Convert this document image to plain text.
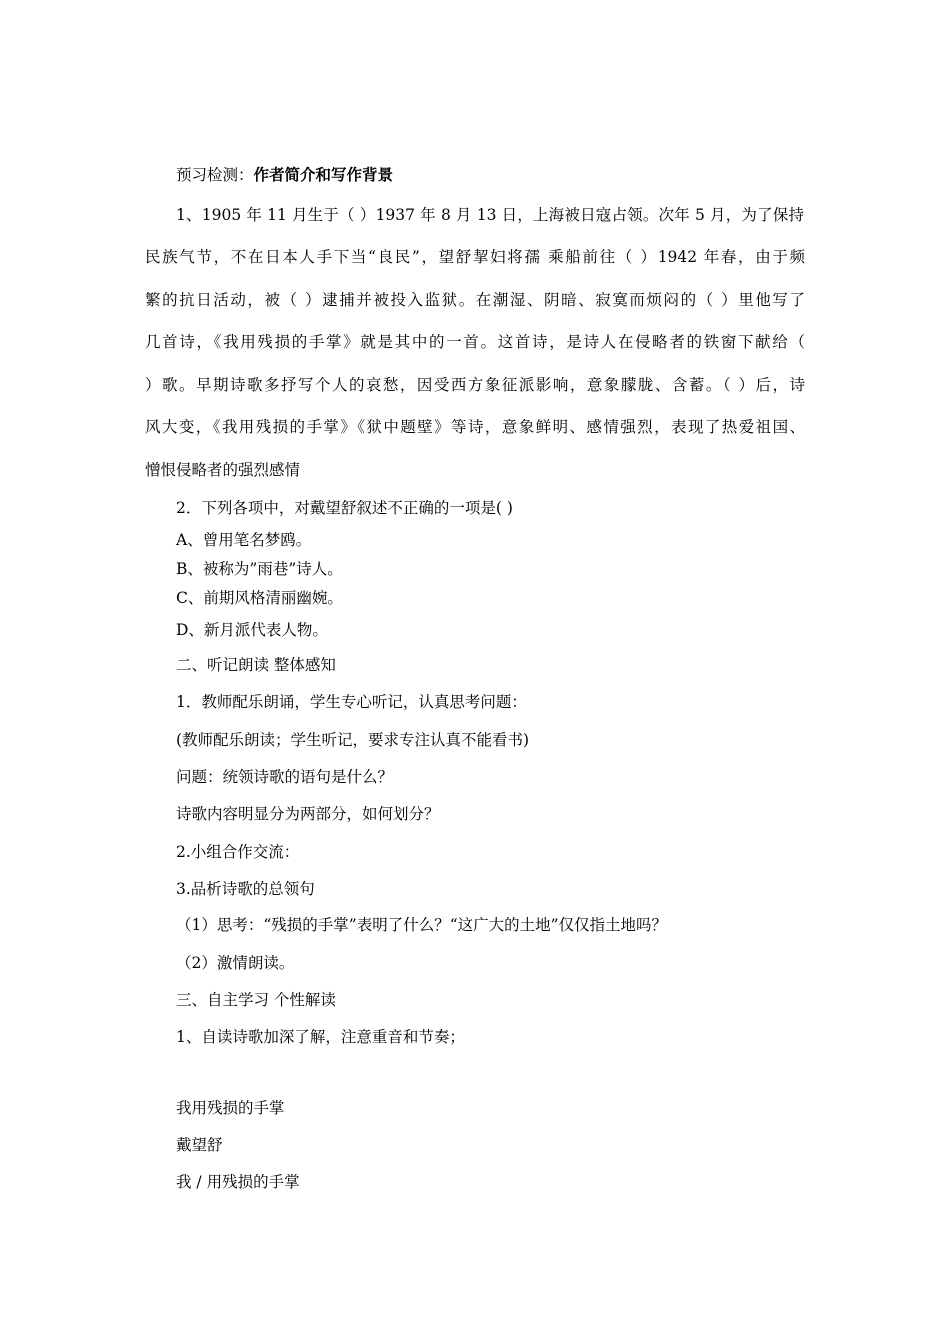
预习检测：作者简介和写作背景
1、1905 年 11 月生于（ ）1937 年 8 月 13 日，上海被日寇占领。次年 5 月，为了保持
民族气节，不在日本人手下当“良民”，望舒挈妇将孺 乘船前往（ ）1942 年春，由于频
繁的抗日活动，被（ ）逮捕并被投入监狱。在潮湿、阴暗、寂寞而烦闷的（ ）里他写了
几首诗，《我用残损的手掌》就是其中的一首。这首诗，是诗人在侵略者的铁窗下献给（
）歌。早期诗歌多抒写个人的哀愁，因受西方象征派影响，意象朦胧、含蓄。（ ）后，诗
风大变，《我用残损的手掌》《狱中题壁》等诗，意象鲜明、感情强烈，表现了热爱祖国、
憎恨侵略者的强烈感情
2．下列各项中，对戴望舒叙述不正确的一项是( )
A、曾用笔名梦鸥。
B、被称为”雨巷”诗人。
C、前期风格清丽幽婉。
D、新月派代表人物。
二、听记朗读 整体感知
1．教师配乐朗诵，学生专心听记，认真思考问题：
(教师配乐朗读；学生听记，要求专注认真不能看书)
问题：统领诗歌的语句是什么？
诗歌内容明显分为两部分，如何划分？
2.小组合作交流：
3.品析诗歌的总领句
（1）思考：“残损的手掌”表明了什么？“这广大的土地”仅仅指土地吗？
（2）激情朗读。
三、自主学习 个性解读
1、自读诗歌加深了解，注意重音和节奏；
我用残损的手掌
戴望舒
我 / 用残损的手掌
